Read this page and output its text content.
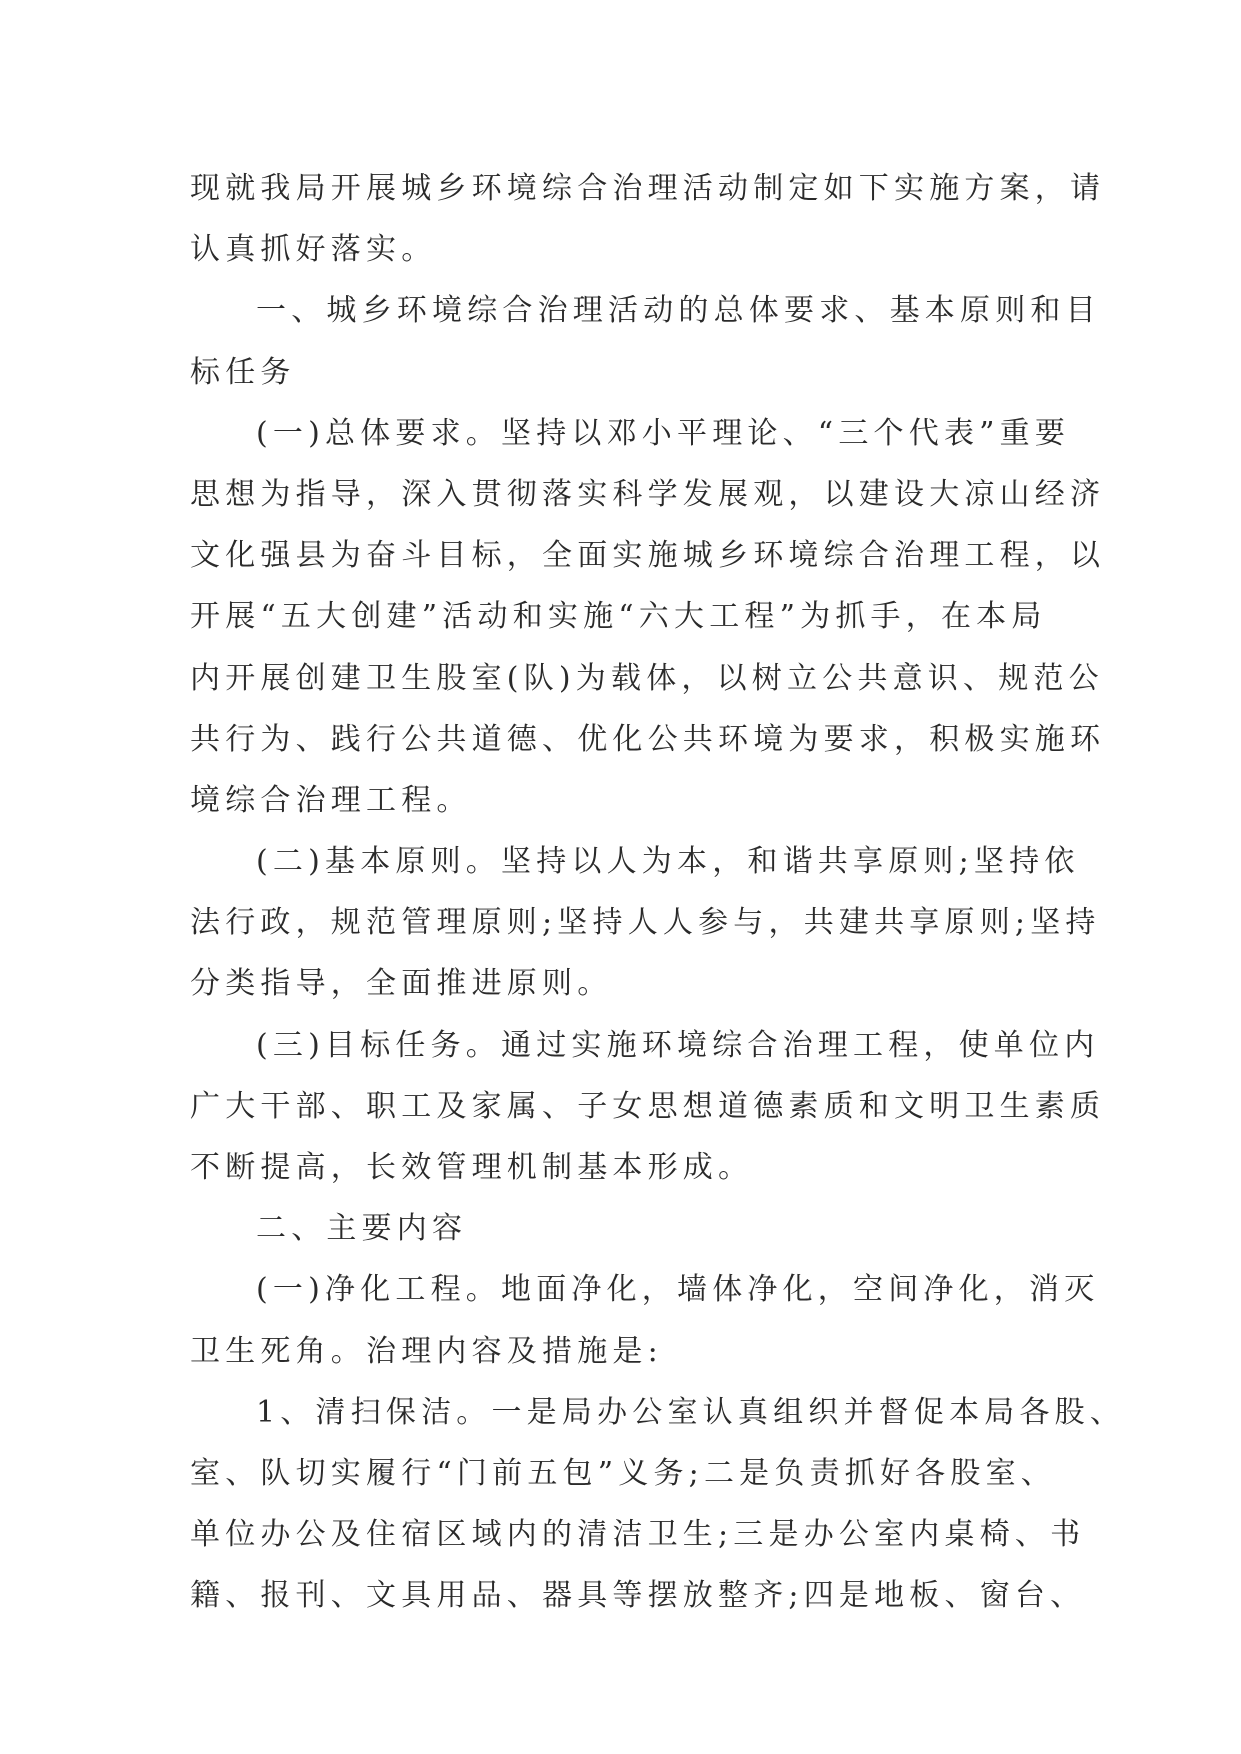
现就我局开展城乡环境综合治理活动制定如下实施方案，请
认真抓好落实。
一、城乡环境综合治理活动的总体要求、基本原则和目
标任务
(一)总体要求。坚持以邓小平理论、“三个代表”重要
思想为指导，深入贯彻落实科学发展观，以建设大凉山经济
文化强县为奋斗目标，全面实施城乡环境综合治理工程，以
开展“五大创建”活动和实施“六大工程”为抓手，在本局
内开展创建卫生股室(队)为载体，以树立公共意识、规范公
共行为、践行公共道德、优化公共环境为要求，积极实施环
境综合治理工程。
(二)基本原则。坚持以人为本，和谐共享原则;坚持依
法行政，规范管理原则;坚持人人参与，共建共享原则;坚持
分类指导，全面推进原则。
(三)目标任务。通过实施环境综合治理工程，使单位内
广大干部、职工及家属、子女思想道德素质和文明卫生素质
不断提高，长效管理机制基本形成。
二、主要内容
(一)净化工程。地面净化，墙体净化，空间净化，消灭
卫生死角。治理内容及措施是:
1、清扫保洁。一是局办公室认真组织并督促本局各股、
室、队切实履行“门前五包”义务;二是负责抓好各股室、
单位办公及住宿区域内的清洁卫生;三是办公室内桌椅、书
籍、报刊、文具用品、器具等摆放整齐;四是地板、窗台、
